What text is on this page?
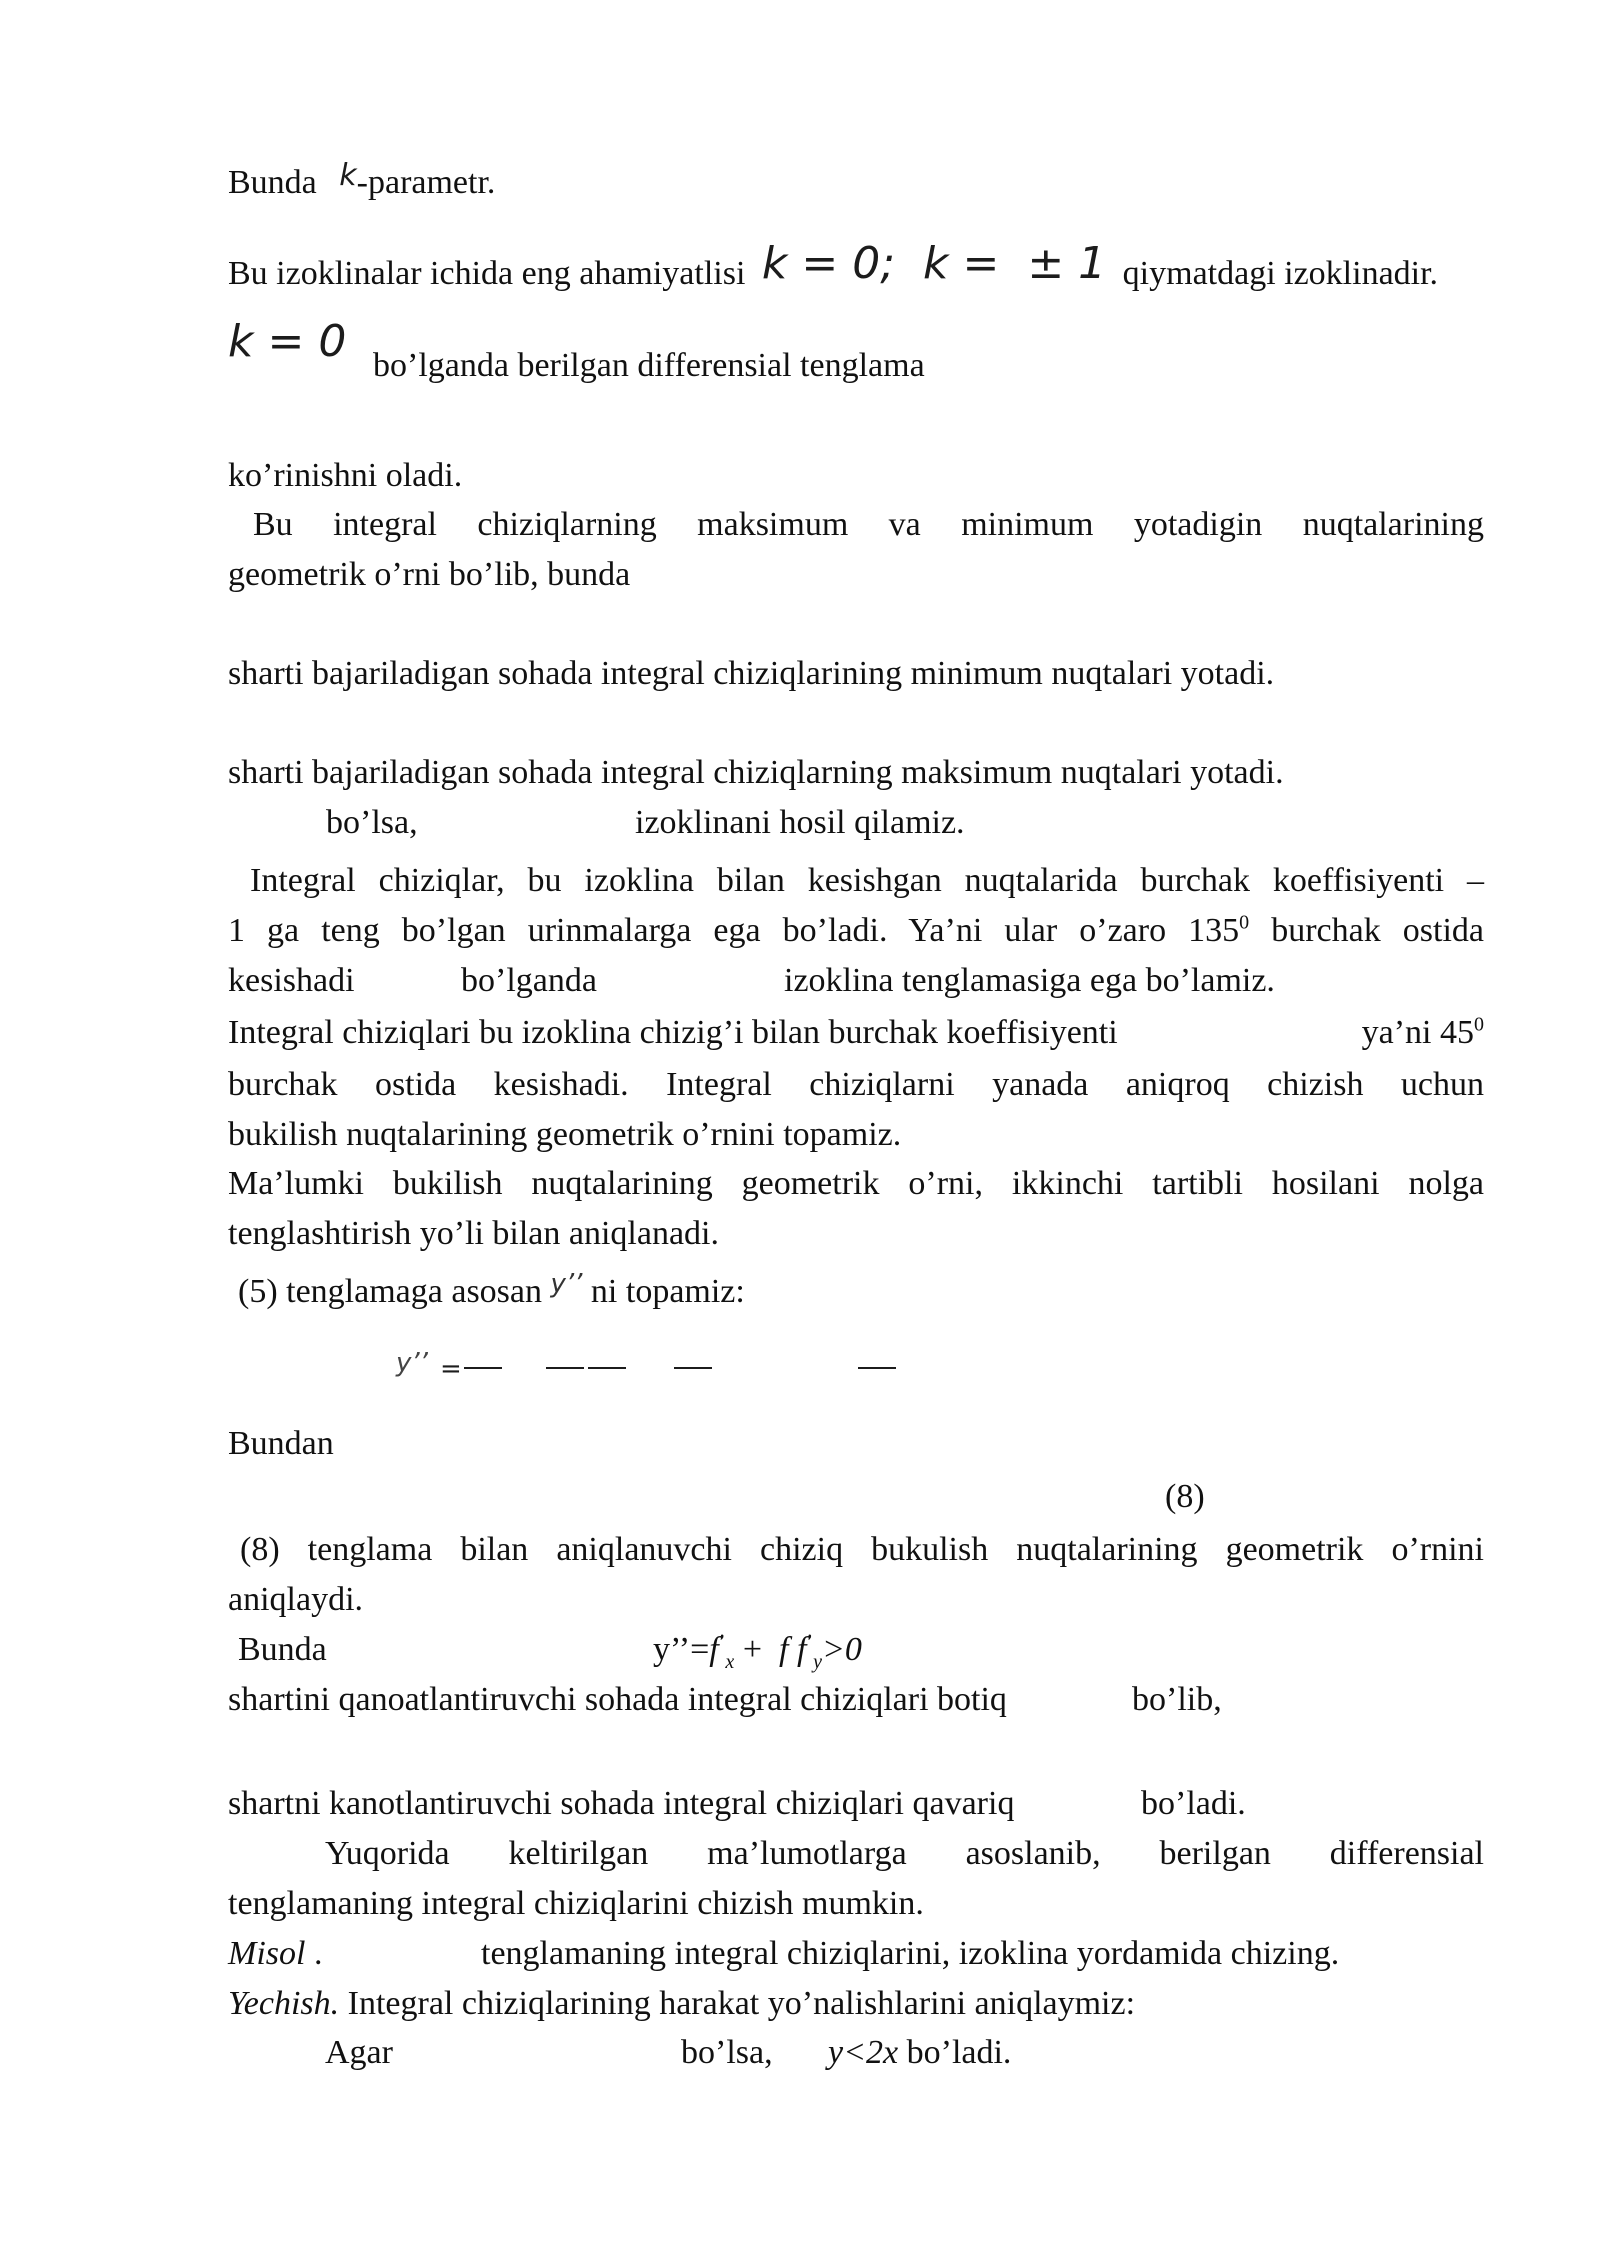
Bunda k-parametr.
Bu izoklinalar ichida eng ahamiyatlisi k = 0;  k =  ± 1 qiymatdagi izoklinadir.
k = 0 bo’lganda berilgan differensial tenglama
ko’rinishni oladi.
Bu integral chiziqlarning maksimum va minimum yotadigin nuqtalarining
geometrik o’rni bo’lib, bunda
sharti bajariladigan sohada integral chiziqlarining minimum nuqtalari yotadi.
sharti bajariladigan sohada integral chiziqlarning maksimum nuqtalari yotadi.
bo’lsa,	izoklinani hosil qilamiz.
Integral chiziqlar, bu izoklina bilan kesishgan nuqtalarida burchak koeffisiyenti –
1 ga teng bo’lgan urinmalarga ega bo’ladi. Ya’ni ular o’zaro $135^0$ burchak ostida
kesishadi	bo’lganda	izoklina tenglamasiga ega bo’lamiz.
Integral chiziqlari bu izoklina chizig’i bilan burchak koeffisiyenti	ya’ni $45^0$
burchak ostida kesishadi. Integral chiziqlarni yanada aniqroq chizish uchun
bukilish nuqtalarining geometrik o’rnini topamiz.
Ma’lumki bukilish nuqtalarining geometrik o’rni, ikkinchi tartibli hosilani nolga
tenglashtirish yo’li bilan aniqlanadi.
(5) tenglamaga asosan $^{y’’}$ ni topamiz:
y’’ =
Bundan
(8)
(8) tenglama bilan aniqlanuvchi chiziq bukulish nuqtalarining geometrik o’rnini
aniqlaydi.
Bunda	$y’’=f^’_x + f$ $f^’_y>0$
shartini qanoatlantiruvchi sohada integral chiziqlari botiq	bo’lib,
shartni kanotlantiruvchi sohada integral chiziqlari qavariq	bo’ladi.
Yuqorida keltirilgan ma’lumotlarga asoslanib, berilgan differensial
tenglamaning integral chiziqlarini chizish mumkin.
Misol .	tenglamaning integral chiziqlarini, izoklina yordamida chizing.
Yechish. Integral chiziqlarining harakat yo’nalishlarini aniqlaymiz:
Agar	bo’lsa, y<2x bo’ladi.
